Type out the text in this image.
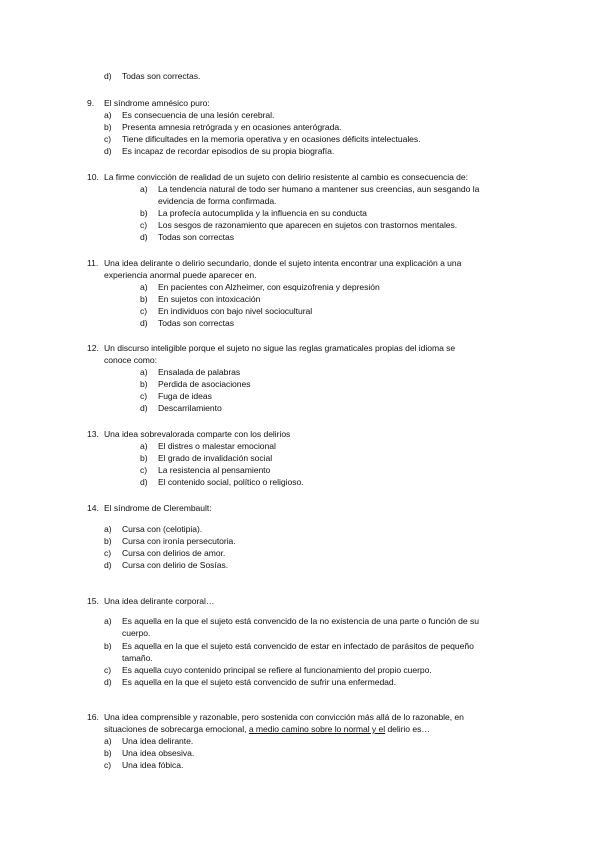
d) Todas son correctas.
9. El síndrome amnésico puro:
a) Es consecuencia de una lesión cerebral.
b) Presenta amnesia retrógrada y en ocasiones anterógrada.
c) Tiene dificultades en la memoria operativa y en ocasiones déficits intelectuales.
d) Es incapaz de recordar episodios de su propia biografía.
10. La firme convicción de realidad de un sujeto con delirio resistente al cambio es consecuencia de:
a) La tendencia natural de todo ser humano a mantener sus creencias, aun sesgando la
evidencia de forma confirmada.
b) La profecía autocumplida y la influencia en su conducta
c) Los sesgos de razonamiento que aparecen en sujetos con trastornos mentales.
d) Todas son correctas
11. Una idea delirante o delirio secundario, donde el sujeto intenta encontrar una explicación a una
experiencia anormal puede aparecer en.
a) En pacientes con Alzheimer, con esquizofrenia y depresión
b) En sujetos con intoxicación
c) En individuos con bajo nivel sociocultural
d) Todas son correctas
12. Un discurso inteligible porque el sujeto no sigue las reglas gramaticales propias del idioma se
conoce como:
a) Ensalada de palabras
b) Perdida de asociaciones
c) Fuga de ideas
d) Descarrilamiento
13. Una idea sobrevalorada comparte con los delirios
a) El distres o malestar emocional
b) El grado de invalidación social
c) La resistencia al pensamiento
d) El contenido social, político o religioso.
14. El síndrome de Clerembault:
a) Cursa con (celotipia).
b) Cursa con ironía persecutoria.
c) Cursa con delirios de amor.
d) Cursa con delirio de Sosías.
15. Una idea delirante corporal…
a) Es aquella en la que el sujeto está convencido de la no existencia de una parte o función de su
cuerpo.
b) Es aquella en la que el sujeto está convencido de estar en infectado de parásitos de pequeño
tamaño.
c) Es aquella cuyo contenido principal se refiere al funcionamiento del propio cuerpo.
d) Es aquella en la que el sujeto está convencido de sufrir una enfermedad.
16. Una idea comprensible y razonable, pero sostenida con convicción más allá de lo razonable, en
situaciones de sobrecarga emocional, a medio camino sobre lo normal y el delirio es…
a) Una idea delirante.
b) Una idea obsesiva.
c) Una idea fóbica.
